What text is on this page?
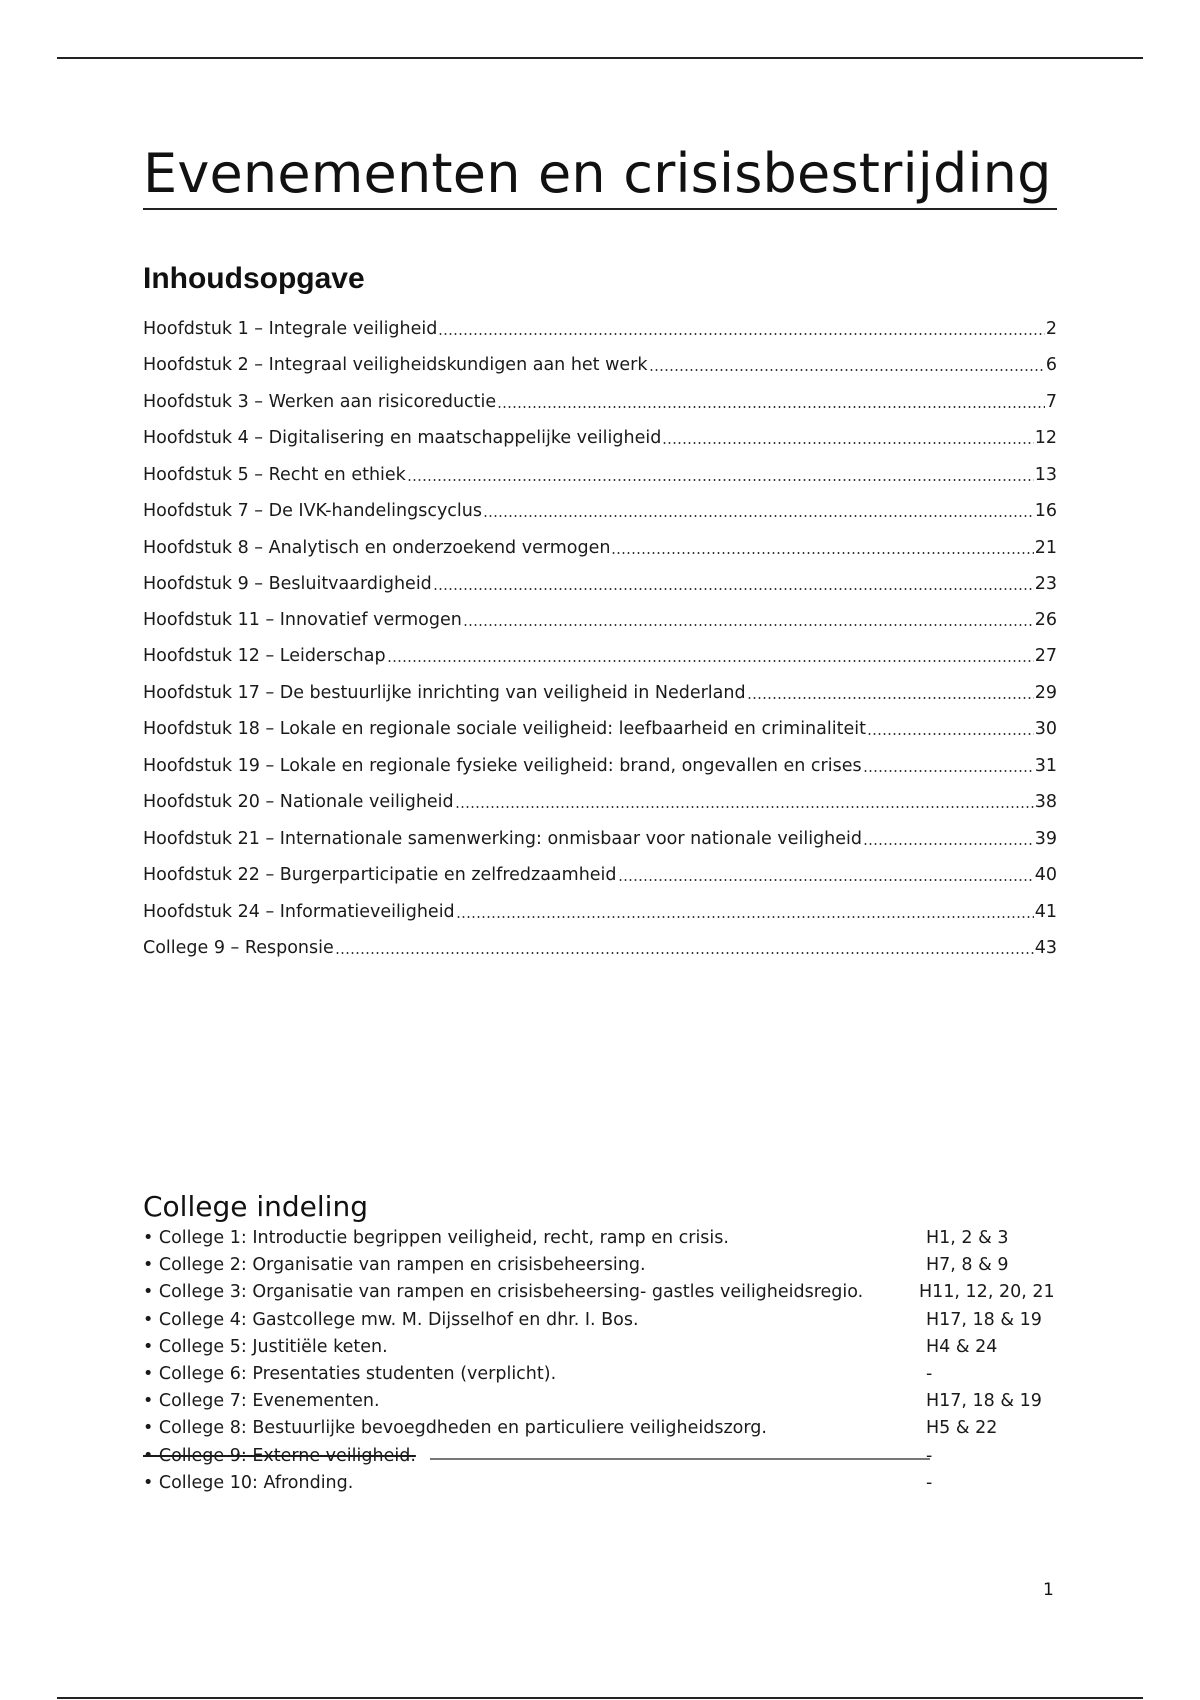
Evenementen en crisisbestrijding
Inhoudsopgave
Hoofdstuk 1 – Integrale veiligheid	2
Hoofdstuk 2 – Integraal veiligheidskundigen aan het werk	6
Hoofdstuk 3 – Werken aan risicoreductie	7
Hoofdstuk 4 – Digitalisering en maatschappelijke veiligheid	12
Hoofdstuk 5 – Recht en ethiek	13
Hoofdstuk 7 – De IVK-handelingscyclus	16
Hoofdstuk 8 – Analytisch en onderzoekend vermogen	21
Hoofdstuk 9 – Besluitvaardigheid	23
Hoofdstuk 11 – Innovatief vermogen	26
Hoofdstuk 12 – Leiderschap	27
Hoofdstuk 17 – De bestuurlijke inrichting van veiligheid in Nederland	29
Hoofdstuk 18 – Lokale en regionale sociale veiligheid: leefbaarheid en criminaliteit	30
Hoofdstuk 19 – Lokale en regionale fysieke veiligheid: brand, ongevallen en crises	31
Hoofdstuk 20 – Nationale veiligheid	38
Hoofdstuk 21 – Internationale samenwerking: onmisbaar voor nationale veiligheid	39
Hoofdstuk 22 – Burgerparticipatie en zelfredzaamheid	40
Hoofdstuk 24 – Informatieveiligheid	41
College 9 – Responsie	43
College indeling
• College 1: Introductie begrippen veiligheid, recht, ramp en crisis.	H1, 2 & 3
• College 2: Organisatie van rampen en crisisbeheersing.	H7, 8 & 9
• College 3: Organisatie van rampen en crisisbeheersing- gastles veiligheidsregio.	H11, 12, 20, 21
• College 4: Gastcollege mw. M. Dijsselhof en dhr. I. Bos.	H17, 18 & 19
• College 5: Justitiële keten.	H4 & 24
• College 6: Presentaties studenten (verplicht).	-
• College 7: Evenementen.	H17, 18 & 19
• College 8: Bestuurlijke bevoegdheden en particuliere veiligheidszorg.	H5 & 22
• College 9: Externe veiligheid.	-
• College 10: Afronding.	-
1
